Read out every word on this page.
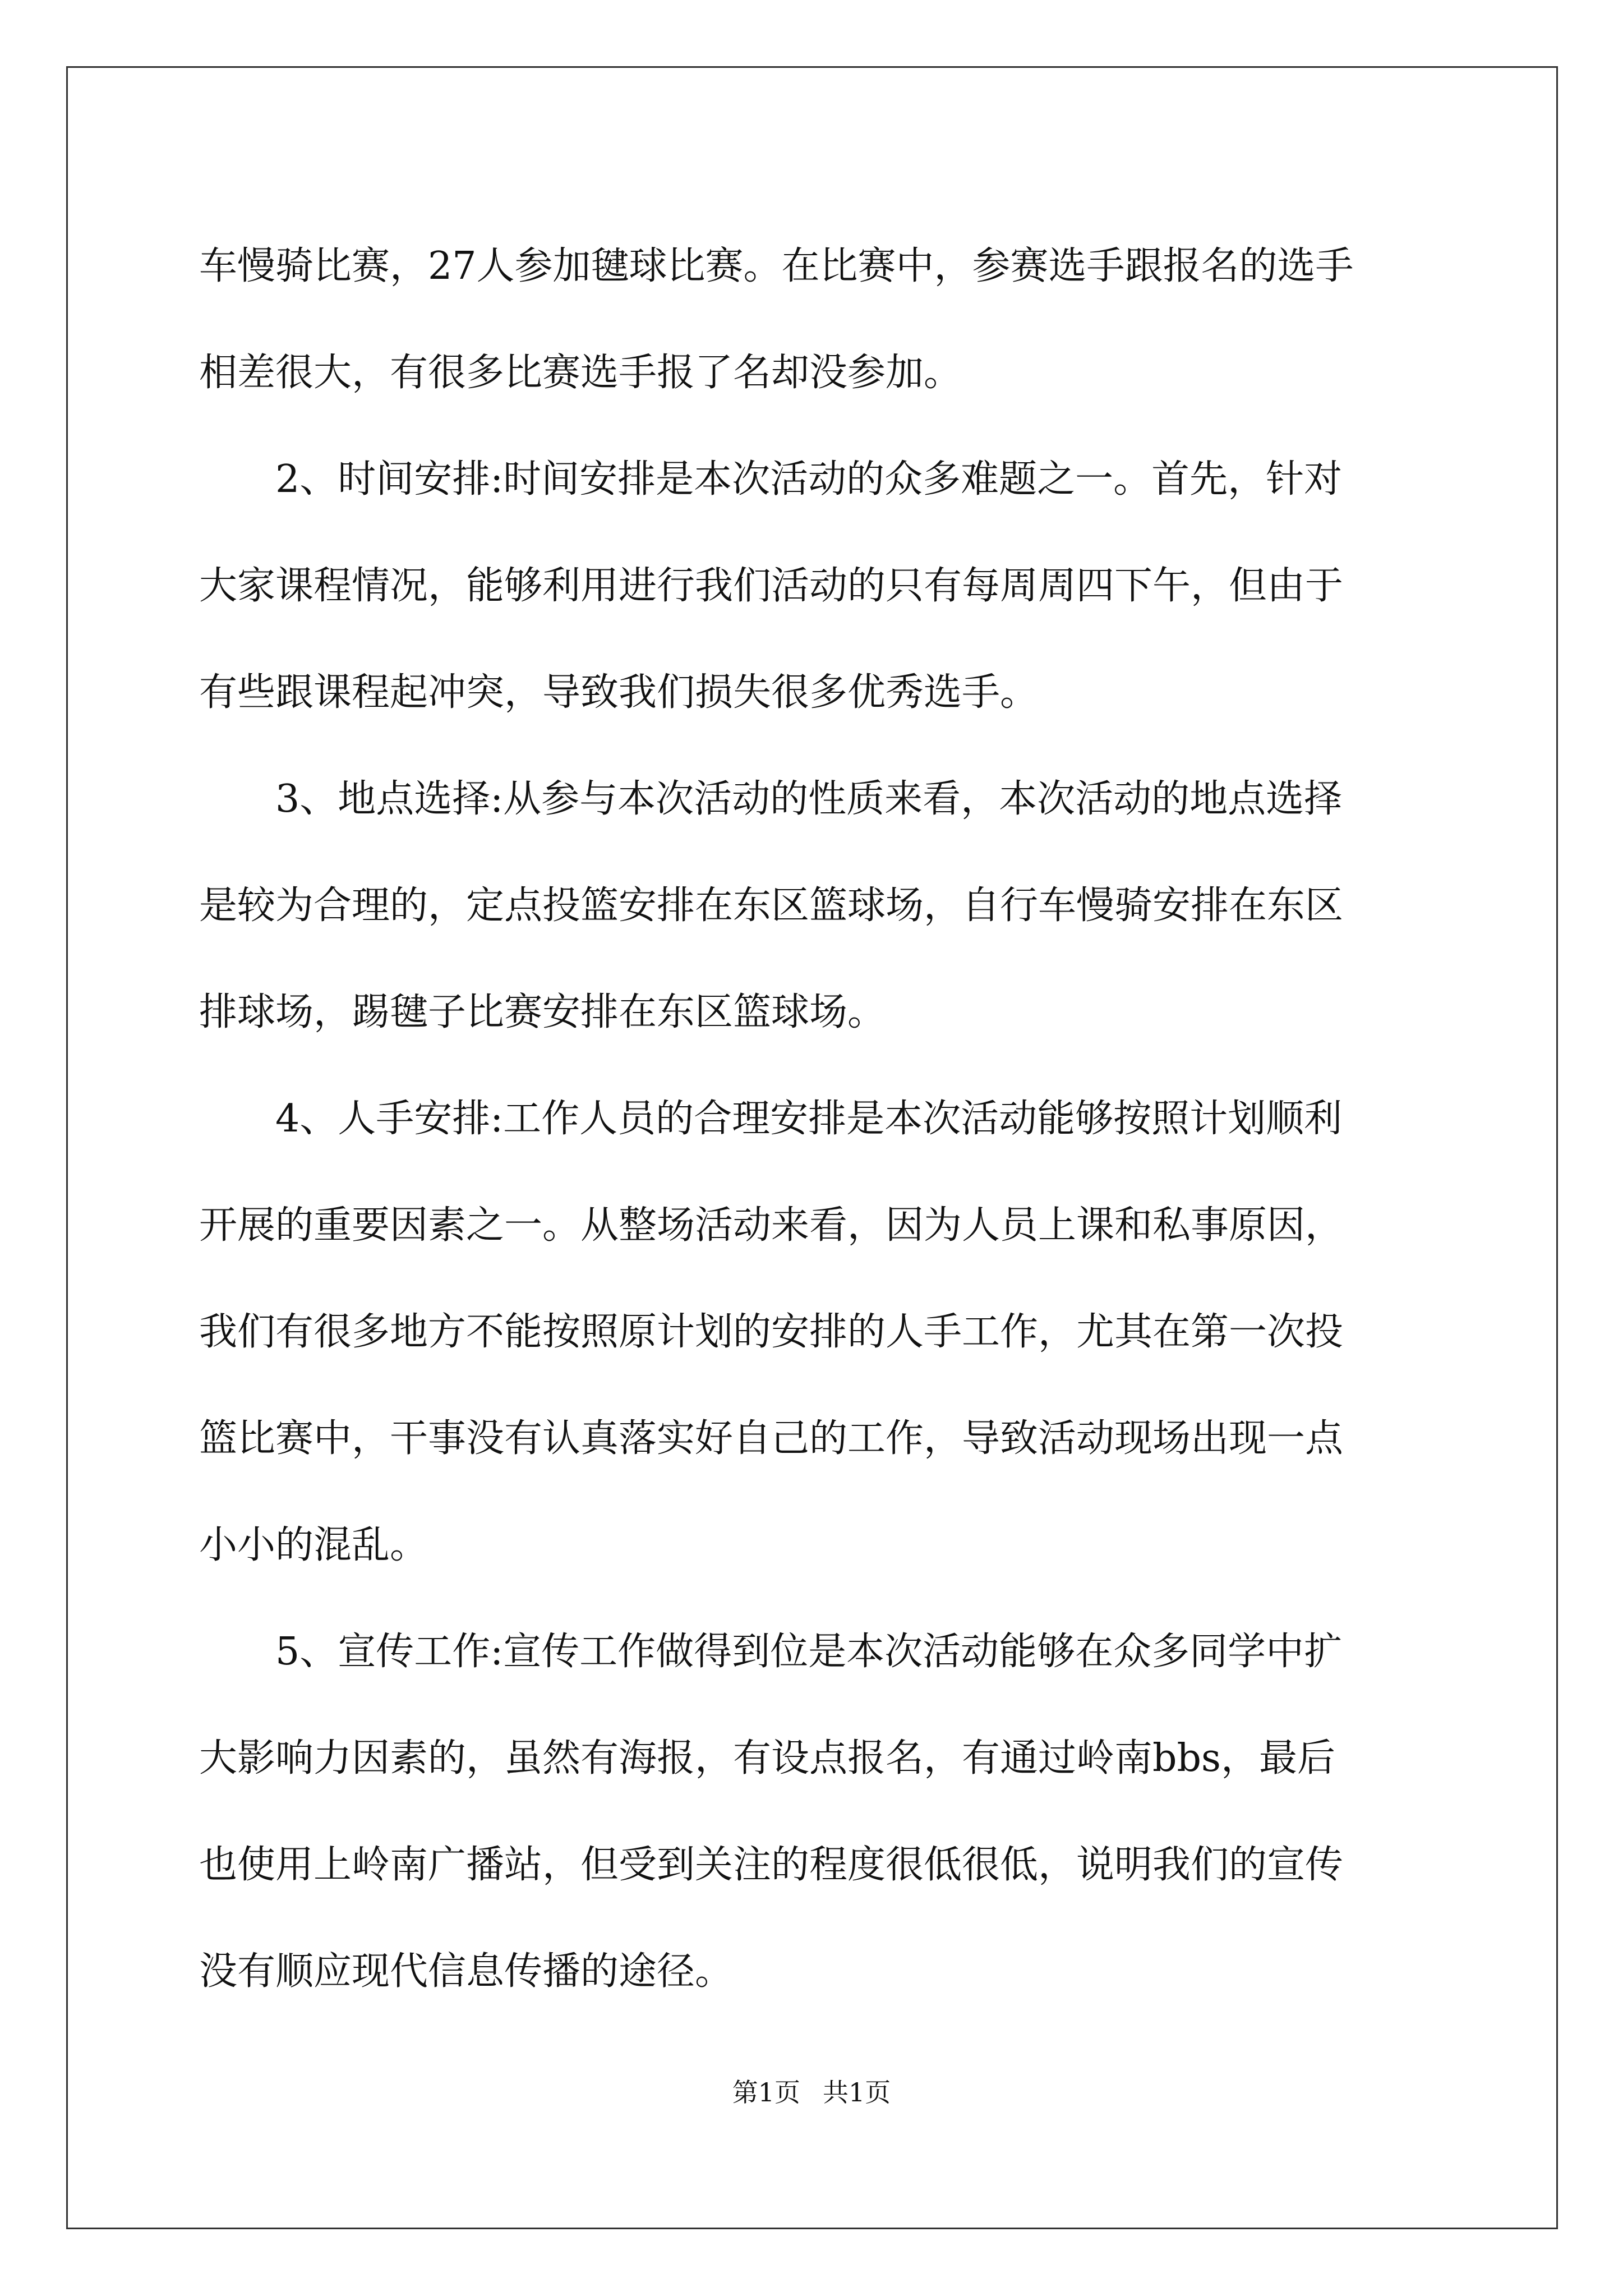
车慢骑比赛，27人参加毽球比赛。在比赛中，参赛选手跟报名的选手
相差很大，有很多比赛选手报了名却没参加。
2、时间安排:时间安排是本次活动的众多难题之一。首先，针对
大家课程情况，能够利用进行我们活动的只有每周周四下午，但由于
有些跟课程起冲突，导致我们损失很多优秀选手。
3、地点选择:从参与本次活动的性质来看，本次活动的地点选择
是较为合理的，定点投篮安排在东区篮球场，自行车慢骑安排在东区
排球场，踢毽子比赛安排在东区篮球场。
4、人手安排:工作人员的合理安排是本次活动能够按照计划顺利
开展的重要因素之一。从整场活动来看，因为人员上课和私事原因，
我们有很多地方不能按照原计划的安排的人手工作，尤其在第一次投
篮比赛中，干事没有认真落实好自己的工作，导致活动现场出现一点
小小的混乱。
5、宣传工作:宣传工作做得到位是本次活动能够在众多同学中扩
大影响力因素的，虽然有海报，有设点报名，有通过岭南bbs，最后
也使用上岭南广播站，但受到关注的程度很低很低，说明我们的宣传
没有顺应现代信息传播的途径。
第1页 共1页
